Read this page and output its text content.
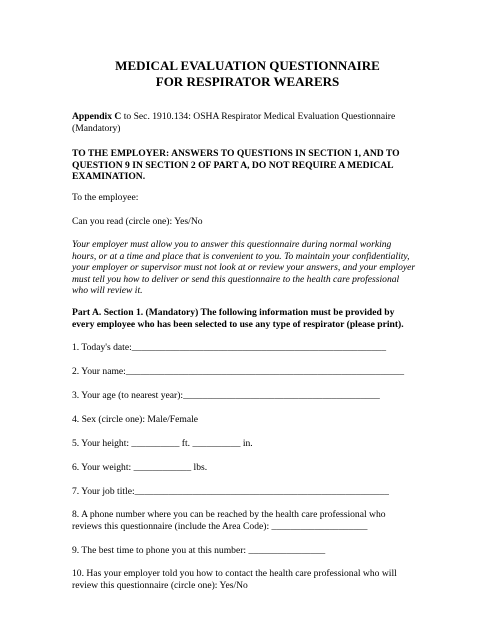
MEDICAL EVALUATION QUESTIONNAIRE
FOR RESPIRATOR WEARERS
Appendix C to Sec. 1910.134: OSHA Respirator Medical Evaluation Questionnaire
(Mandatory)
TO THE EMPLOYER: ANSWERS TO QUESTIONS IN SECTION 1, AND TO
QUESTION 9 IN SECTION 2 OF PART A, DO NOT REQUIRE A MEDICAL
EXAMINATION.
To the employee:
Can you read (circle one): Yes/No
Your employer must allow you to answer this questionnaire during normal working
hours, or at a time and place that is convenient to you. To maintain your confidentiality,
your employer or supervisor must not look at or review your answers, and your employer
must tell you how to deliver or send this questionnaire to the health care professional
who will review it.
Part A. Section 1. (Mandatory) The following information must be provided by
every employee who has been selected to use any type of respirator (please print).
1. Today's date:_____________________________________________________
2. Your name:__________________________________________________________
3. Your age (to nearest year):_________________________________________
4. Sex (circle one): Male/Female
5. Your height: __________ ft. __________ in.
6. Your weight: ____________ lbs.
7. Your job title:_____________________________________________________
8. A phone number where you can be reached by the health care professional who
reviews this questionnaire (include the Area Code): ____________________
9. The best time to phone you at this number: ________________
10. Has your employer told you how to contact the health care professional who will
review this questionnaire (circle one): Yes/No
